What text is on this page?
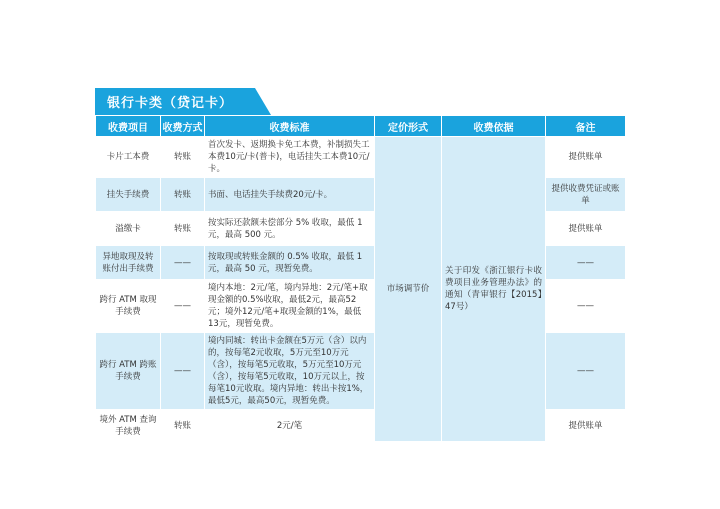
银行卡类（贷记卡）
收费项目	收费方式	收费标准	定价形式	收费依据	备注
卡片工本费	转账	首次发卡、返期换卡免工本费，补制损失工本费10元/卡(普卡)，电话挂失工本费10元/卡。	市场调节价	关于印发《浙江银行卡收费项目业务管理办法》的通知（青审银行【2015】47号）	提供账单
挂失手续费	转账	书面、电话挂失手续费20元/卡。			提供收费凭证或账单
溢缴卡	转账	按实际还款额未偿部分 5% 收取，最低 1 元，最高 500 元。			提供账单
异地取现及转账付出手续费	——	按取现或转账金额的 0.5% 收取，最低 1 元，最高 50 元，现暂免费。			——
跨行 ATM 取现手续费	——	境内本地：2元/笔，境内异地：2元/笔+取现金额的0.5%收取，最低2元，最高52元；境外12元/笔+取现金额的1%，最低13元，现暂免费。			——
跨行 ATM 跨账手续费	——	境内同城：转出卡金额在5万元（含）以内的，按每笔2元收取，5万元至10万元（含），按每笔5元收取，5万元至10万元（含），按每笔5元收取，10万元以上，按每笔10元收取。境内异地：转出卡按1%，最低5元，最高50元，现暂免费。			——
境外 ATM 查询手续费	转账	2元/笔			提供账单
